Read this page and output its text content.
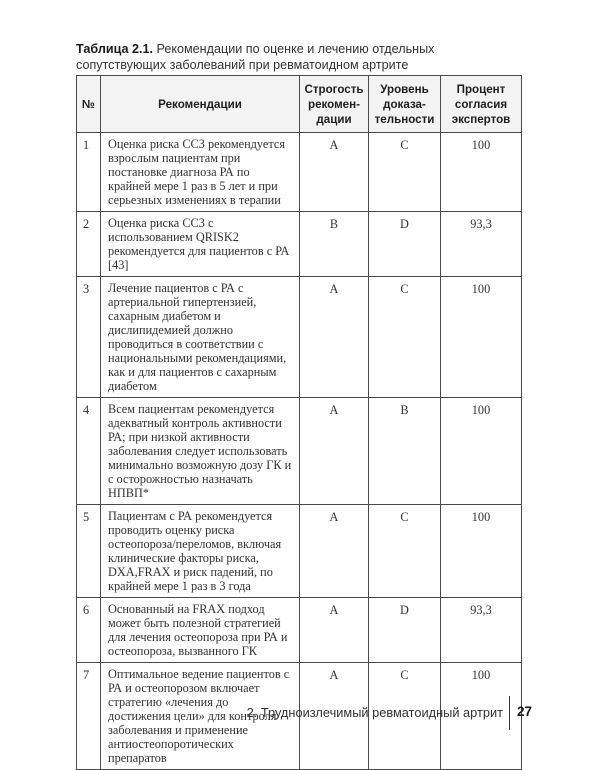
Таблица 2.1. Рекомендации по оценке и лечению отдельных сопутствующих заболеваний при ревматоидном артрите
№	Рекомендации	Строгость рекомен-дации	Уровень доказа-тельности	Процент согласия экспертов
1	Оценка риска ССЗ рекомендуется взрослым пациентам при постановке диагноза РА по крайней мере 1 раз в 5 лет и при серьезных изменениях в терапии	A	C	100
2	Оценка риска ССЗ с использованием QRISK2 рекомендуется для пациентов с РА [43]	B	D	93,3
3	Лечение пациентов с РА с артериальной гипертензией, сахарным диабетом и дислипидемией должно проводиться в соответствии с национальными рекомендациями, как и для пациентов с сахарным диабетом	A	C	100
4	Всем пациентам рекомендуется адекватный контроль активности РА; при низкой активности заболевания следует использовать минимально возможную дозу ГК и с осторожностью назначать НПВП*	A	B	100
5	Пациентам с РА рекомендуется проводить оценку риска остеопороза/переломов, включая клинические факторы риска, DXA,FRAX и риск падений, по крайней мере 1 раз в 3 года	A	C	100
6	Основанный на FRAX подход может быть полезной стратегией для лечения остеопороза при РА и остеопороза, вызванного ГК	A	D	93,3
7	Оптимальное ведение пациентов с РА и остеопорозом включает стратегию «лечения до достижения цели» для контроля заболевания и применение антиостеопоротических препаратов	A	C	100
2. Трудноизлечимый ревматоидный артрит 27
